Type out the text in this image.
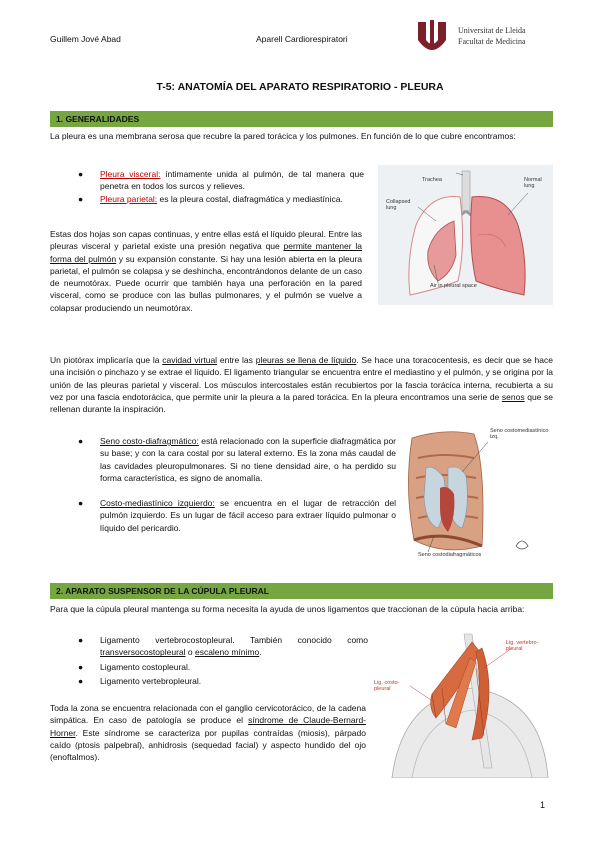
Guillem Jové Abad	Aparell Cardiorespiratori
Universitat de Lleida
Facultat de Medicina
T-5: ANATOMÍA DEL APARATO RESPIRATORIO - PLEURA
1. GENERALIDADES
La pleura es una membrana serosa que recubre la pared torácica y los pulmones. En función de lo que cubre encontramos:
● Pleura visceral: íntimamente unida al pulmón, de tal manera que penetra en todos los surcos y relieves.
● Pleura parietal: es la pleura costal, diafragmática y mediastínica.
Estas dos hojas son capas continuas, y entre ellas está el líquido pleural. Entre las pleuras visceral y parietal existe una presión negativa que permite mantener la forma del pulmón y su expansión constante. Si hay una lesión abierta en la pleura parietal, el pulmón se colapsa y se deshincha, encontrándonos delante de un caso de neumotórax. Puede ocurrir que también haya una perforación en la pared visceral, como se produce con las bullas pulmonares, y el pulmón se vuelve a colapsar produciendo un neumotórax.
Trachea
Collapsed lung
Normal lung
Air in pleural space
Un piotórax implicaría que la cavidad virtual entre las pleuras se llena de líquido. Se hace una toracocentesis, es decir que se hace una incisión o pinchazo y se extrae el líquido. El ligamento triangular se encuentra entre el mediastino y el pulmón, y se origina por la unión de las pleuras parietal y visceral. Los músculos intercostales están recubiertos por la fascia torácica interna, recubierta a su vez por una fascia endotorácica, que permite unir la pleura a la pared torácica. En la pleura encontramos una serie de senos que se rellenan durante la inspiración.
● Seno costo-diafragmático: está relacionado con la superficie diafragmática por su base; y con la cara costal por su lateral externo. Es la zona más caudal de las cavidades pleuropulmonares. Si no tiene densidad aire, o ha perdido su forma característica, es signo de anomalía.
● Costo-mediastínico izquierdo: se encuentra en el lugar de retracción del pulmón izquierdo. Es un lugar de fácil acceso para extraer líquido pulmonar o líquido del pericardio.
Seno costomediastínico izq.
Seno costodiafragmáticos
2. APARATO SUSPENSOR DE LA CÚPULA PLEURAL
Para que la cúpula pleural mantenga su forma necesita la ayuda de unos ligamentos que traccionan de la cúpula hacia arriba:
● Ligamento vertebrocostopleural. También conocido como transversocostopleural o escaleno mínimo.
● Ligamento costopleural.
● Ligamento vertebropleural.
Toda la zona se encuentra relacionada con el ganglio cervicotorácico, de la cadena simpática. En caso de patología se produce el síndrome de Claude-Bernard-Horner. Este síndrome se caracteriza por pupilas contraídas (miosis), párpado caído (ptosis palpebral), anhidrosis (sequedad facial) y aspecto hundido del ojo (enoftalmos).
Lig. vertebro-pleural
Lig. costo-pleural
1
